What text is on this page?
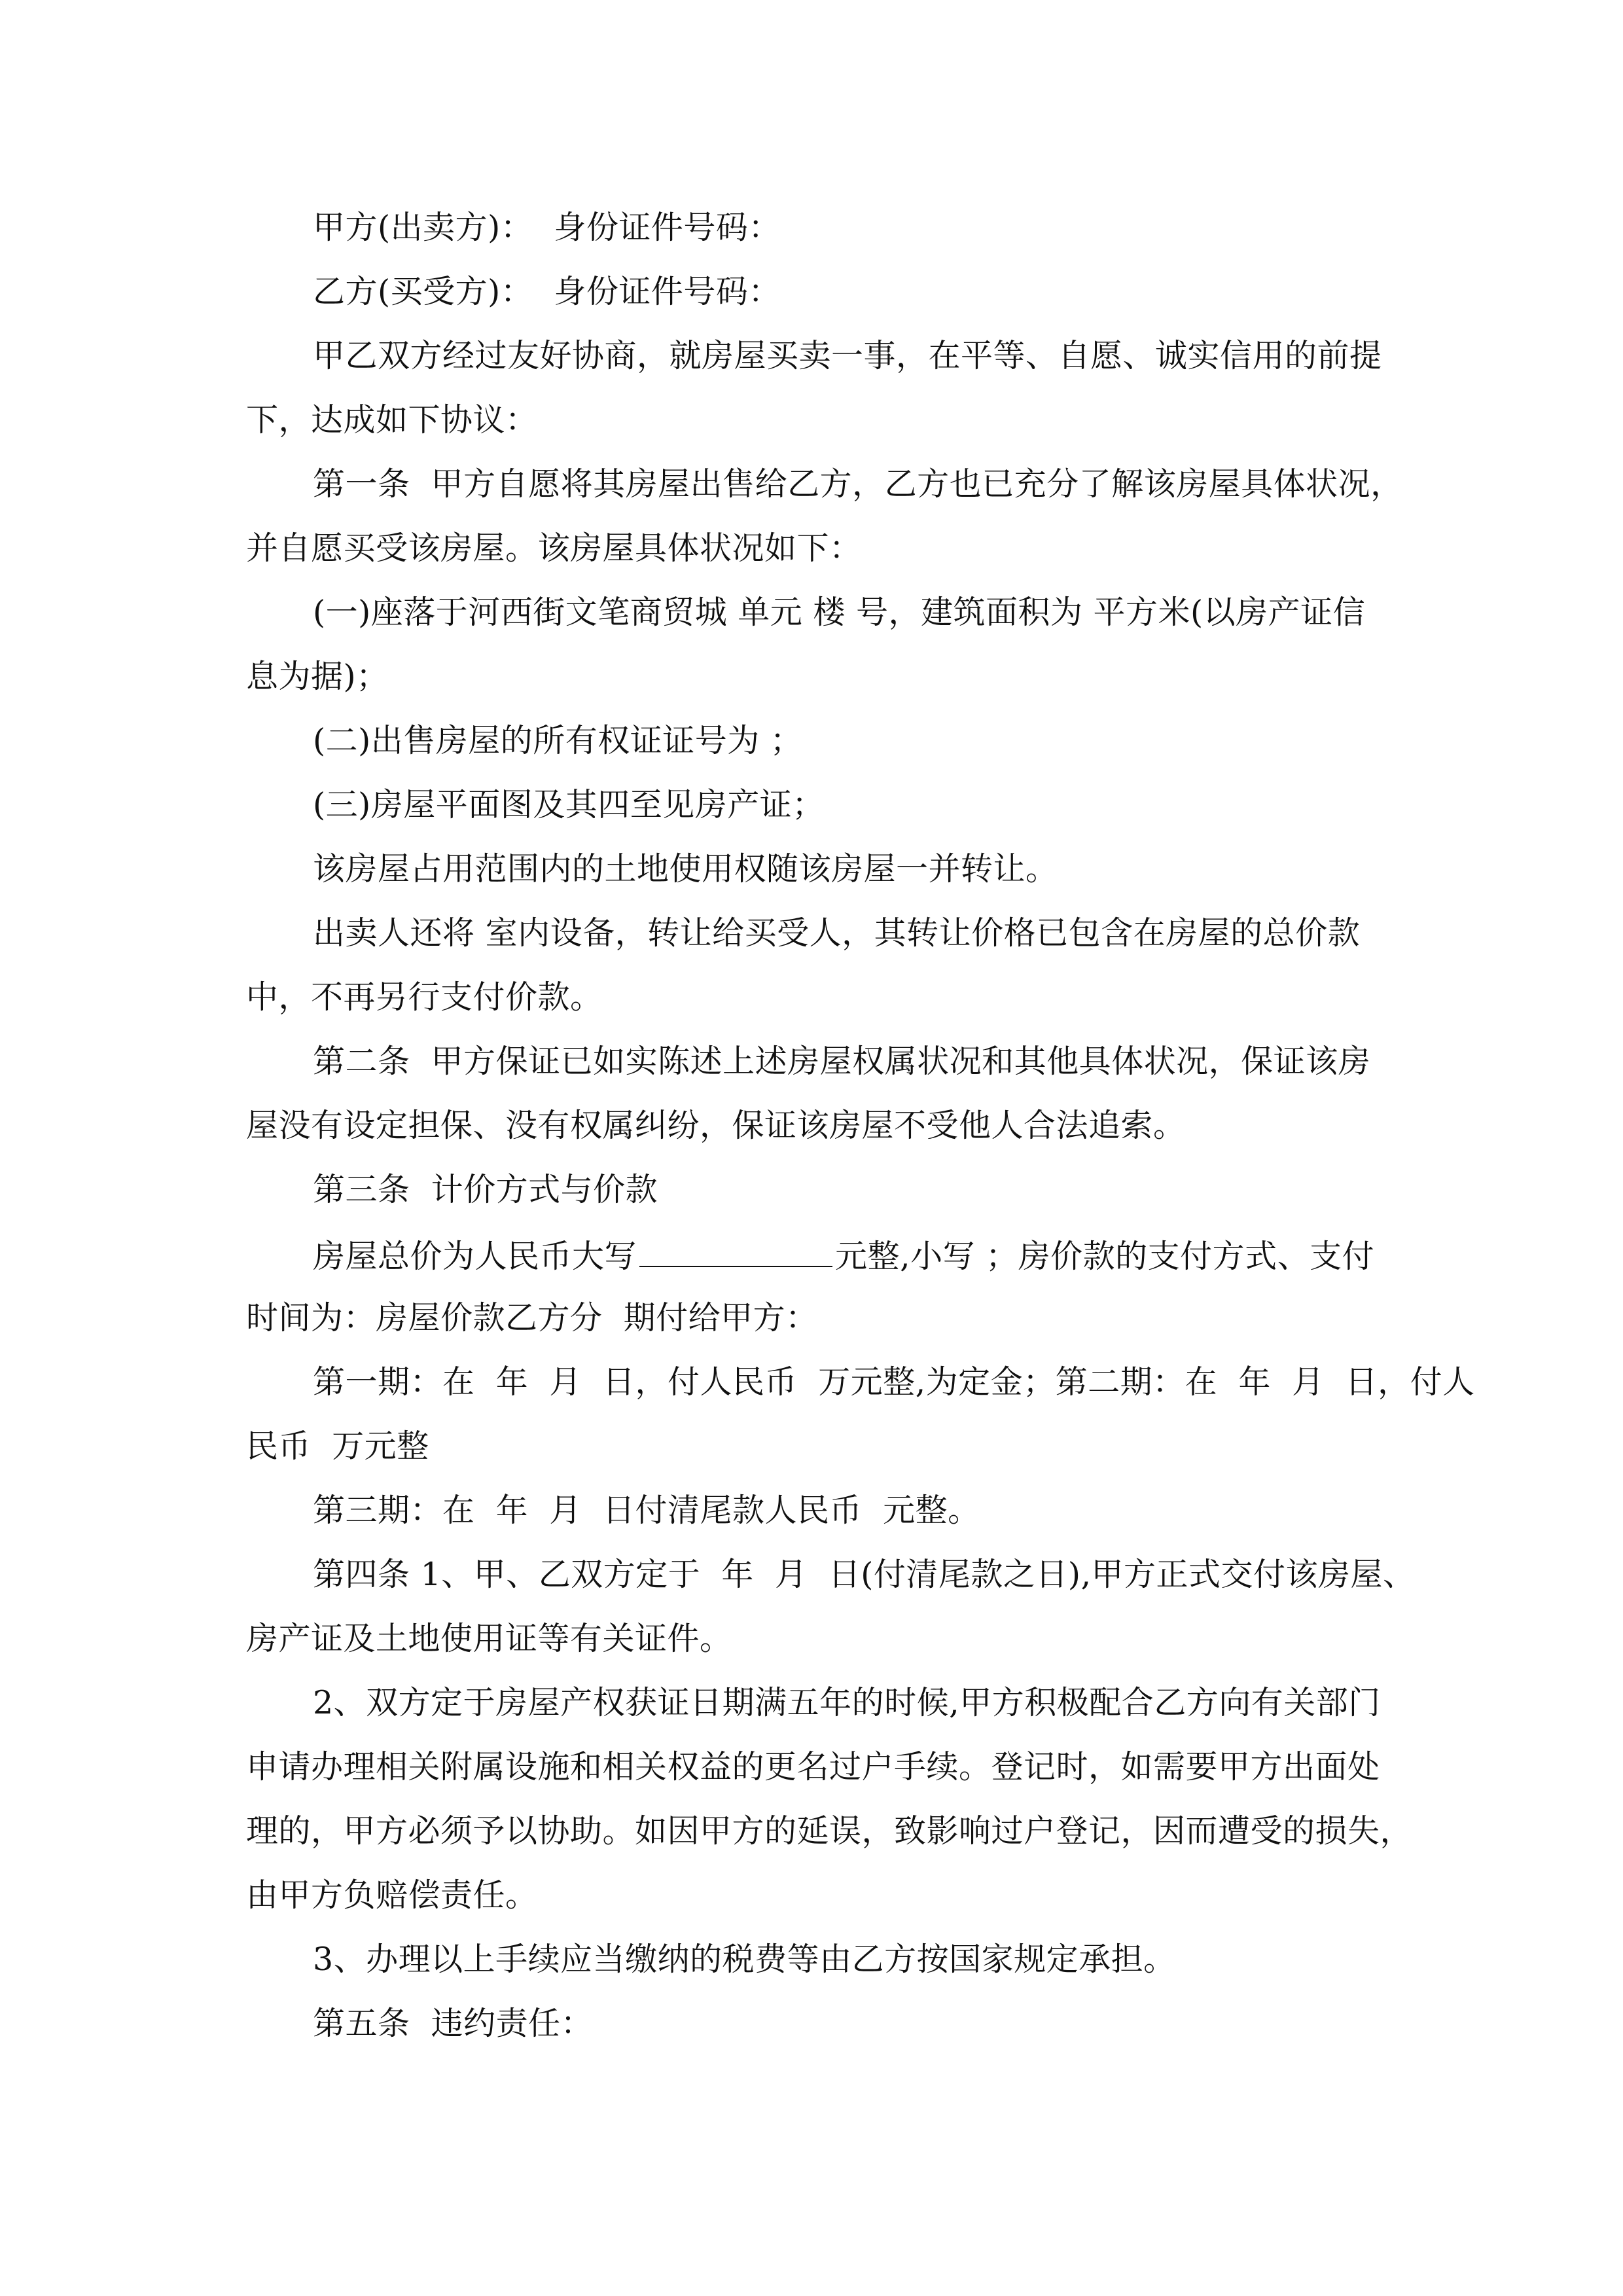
甲方(出卖方)：  身份证件号码：
乙方(买受方)：  身份证件号码：
甲乙双方经过友好协商，就房屋买卖一事，在平等、自愿、诚实信用的前提
下，达成如下协议：
第一条  甲方自愿将其房屋出售给乙方，乙方也已充分了解该房屋具体状况，
并自愿买受该房屋。该房屋具体状况如下：
(一)座落于河西街文笔商贸城 单元 楼 号，建筑面积为 平方米(以房产证信
息为据)；
(二)出售房屋的所有权证证号为 ；
(三)房屋平面图及其四至见房产证；
该房屋占用范围内的土地使用权随该房屋一并转让。
出卖人还将 室内设备，转让给买受人，其转让价格已包含在房屋的总价款
中，不再另行支付价款。
第二条  甲方保证已如实陈述上述房屋权属状况和其他具体状况，保证该房
屋没有设定担保、没有权属纠纷，保证该房屋不受他人合法追索。
第三条  计价方式与价款
房屋总价为人民币大写	元整,小写 ；房价款的支付方式、支付
时间为：房屋价款乙方分  期付给甲方：
第一期：在  年  月  日，付人民币  万元整,为定金；第二期：在  年  月  日，付人
民币  万元整
第三期：在  年  月  日付清尾款人民币  元整。
第四条 1、甲、乙双方定于  年  月  日(付清尾款之日),甲方正式交付该房屋、
房产证及土地使用证等有关证件。
2、双方定于房屋产权获证日期满五年的时候,甲方积极配合乙方向有关部门
申请办理相关附属设施和相关权益的更名过户手续。登记时，如需要甲方出面处
理的，甲方必须予以协助。如因甲方的延误，致影响过户登记，因而遭受的损失，
由甲方负赔偿责任。
3、办理以上手续应当缴纳的税费等由乙方按国家规定承担。
第五条  违约责任：
